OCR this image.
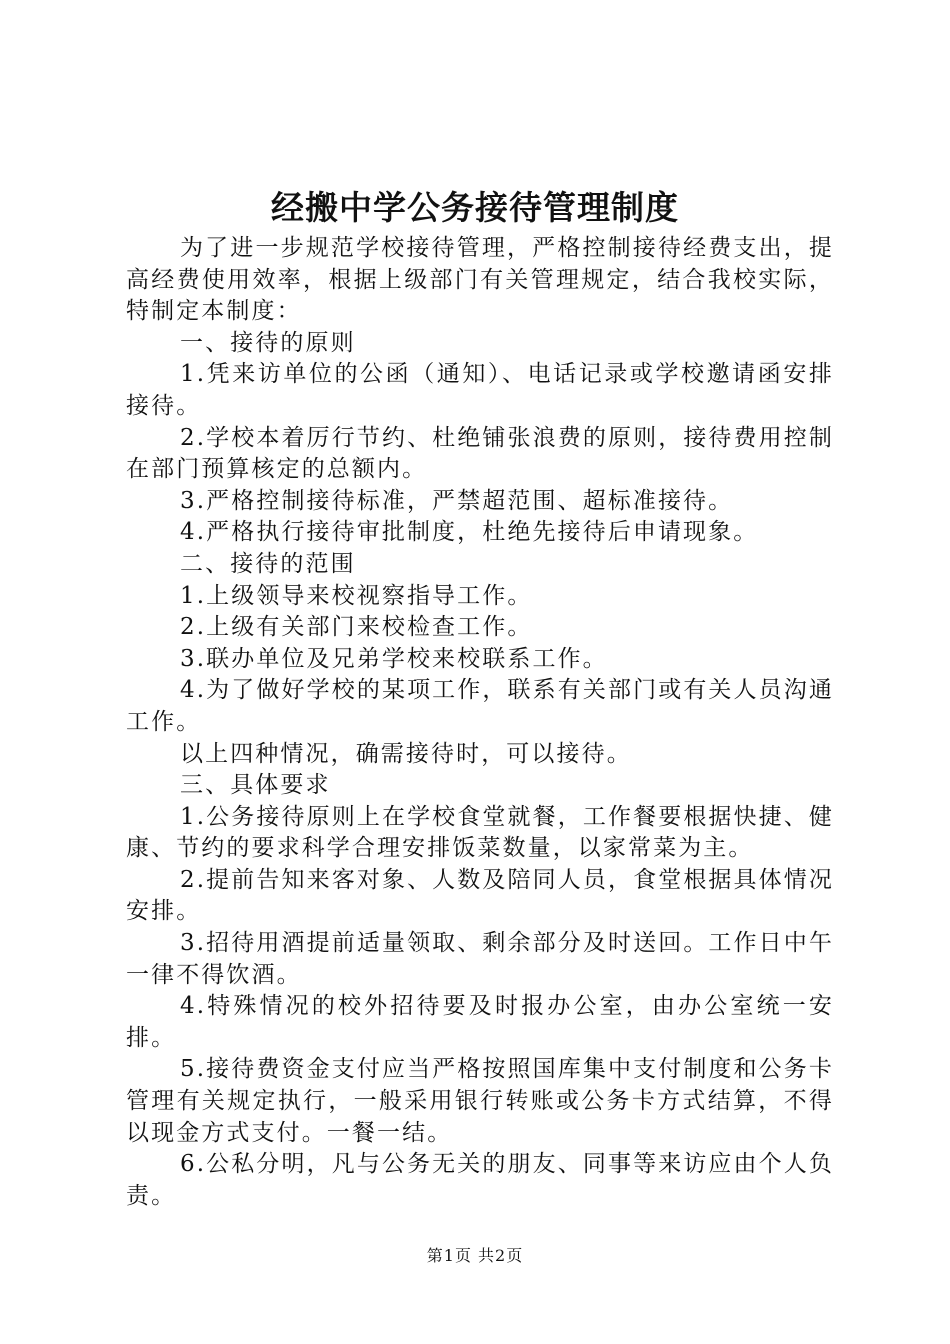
经搬中学公务接待管理制度

为了进一步规范学校接待管理，严格控制接待经费支出，提高经费使用效率，根据上级部门有关管理规定，结合我校实际，特制定本制度：

一、接待的原则

1.凭来访单位的公函（通知）、电话记录或学校邀请函安排接待。

2.学校本着厉行节约、杜绝铺张浪费的原则，接待费用控制在部门预算核定的总额内。

3.严格控制接待标准，严禁超范围、超标准接待。

4.严格执行接待审批制度，杜绝先接待后申请现象。

二、接待的范围

1.上级领导来校视察指导工作。

2.上级有关部门来校检查工作。

3.联办单位及兄弟学校来校联系工作。

4.为了做好学校的某项工作，联系有关部门或有关人员沟通工作。

以上四种情况，确需接待时，可以接待。

三、具体要求

1.公务接待原则上在学校食堂就餐，工作餐要根据快捷、健康、节约的要求科学合理安排饭菜数量，以家常菜为主。

2.提前告知来客对象、人数及陪同人员，食堂根据具体情况安排。

3.招待用酒提前适量领取、剩余部分及时送回。工作日中午一律不得饮酒。

4.特殊情况的校外招待要及时报办公室，由办公室统一安排。

5.接待费资金支付应当严格按照国库集中支付制度和公务卡管理有关规定执行，一般采用银行转账或公务卡方式结算，不得以现金方式支付。一餐一结。

6.公私分明，凡与公务无关的朋友、同事等来访应由个人负责。

第1页 共2页
